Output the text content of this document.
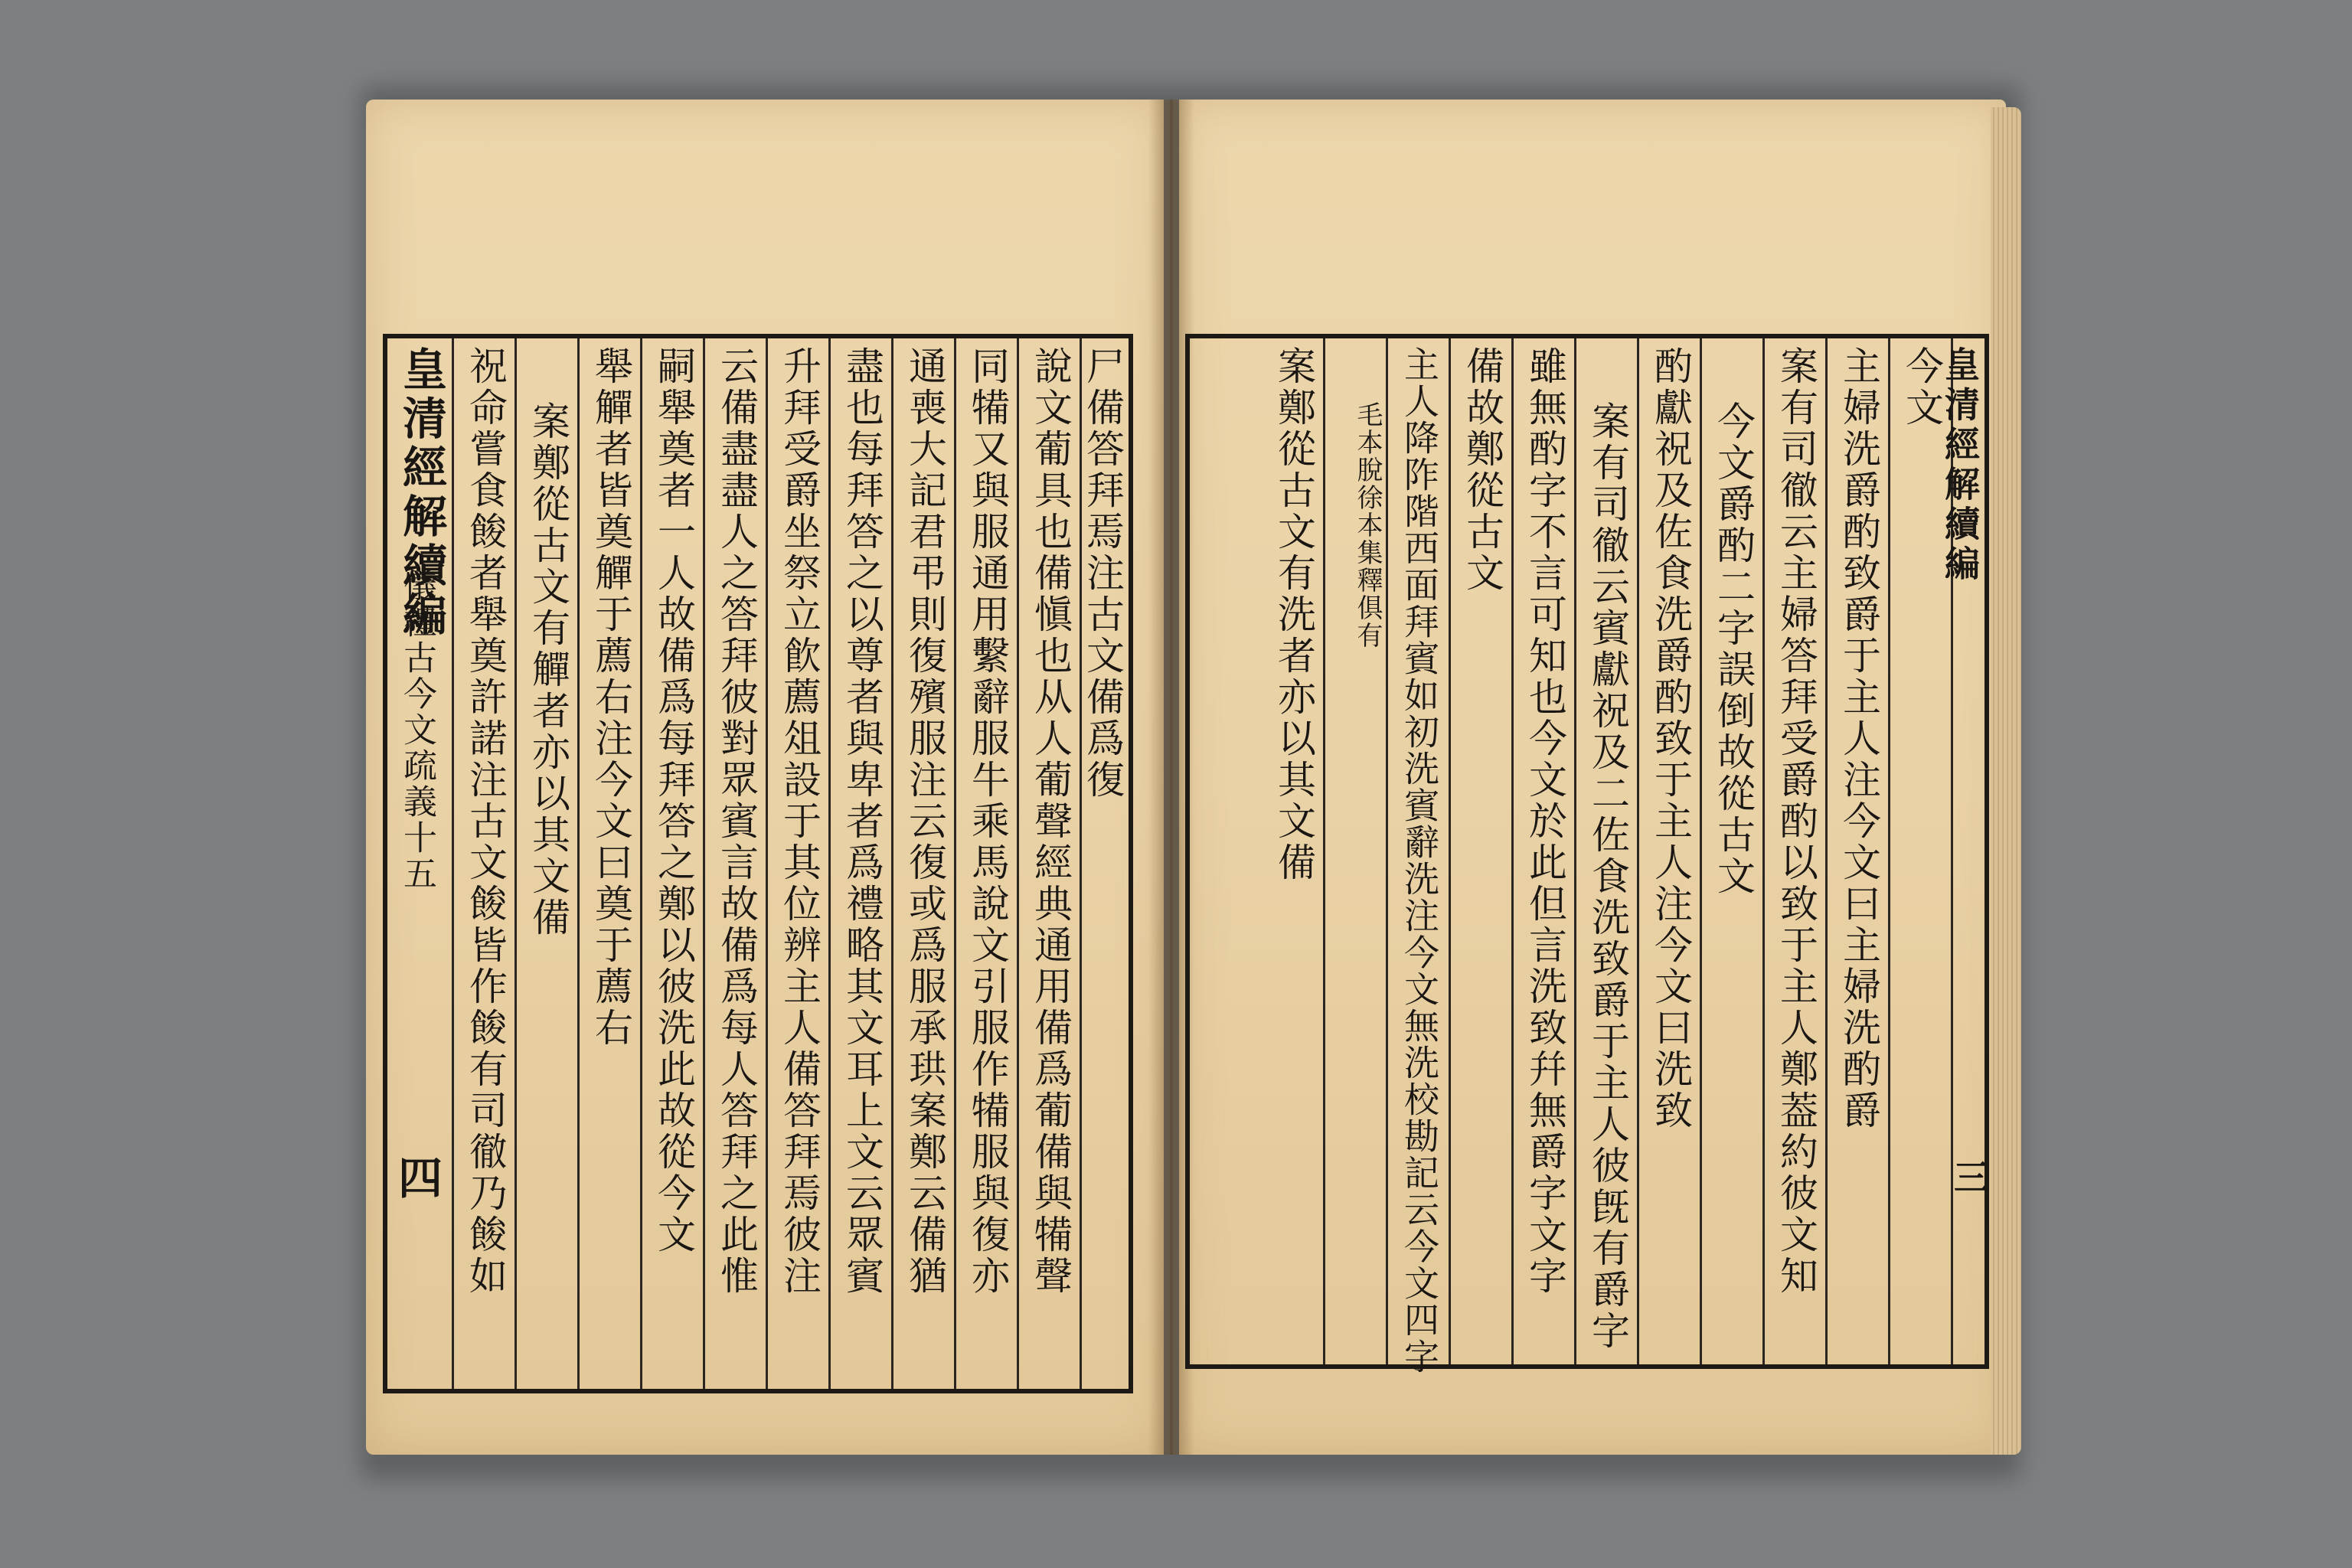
尸備答拜焉注古文備爲復
說文葡具也備愼也从人葡聲經典通用備爲葡備與犕聲
同犕又與服通用繫辭服牛乘馬說文引服作犕服與復亦
通喪大記君弔則復殯服注云復或爲服承珙案鄭云備猶
盡也每拜答之以尊者與卑者爲禮略其文耳上文云眾賓
升拜受爵坐祭立飮薦俎設于其位辨主人備答拜焉彼注
云備盡盡人之答拜彼對眾賓言故備爲每人答拜之此惟
嗣舉奠者一人故備爲每拜答之鄭以彼洗此故從今文
舉觶者皆奠觶于薦右注今文曰奠于薦右
案鄭從古文有觶者亦以其文備
祝命嘗食餕者舉奠許諾注古文餕皆作餕有司徹乃餕如
皇清經解續編
儀禮古今文疏義十五
四
皇清經解續編
三
今文
主婦洗爵酌致爵于主人注今文曰主婦洗酌爵
案有司徹云主婦答拜受爵酌以致于主人鄭葢約彼文知
今文爵酌二字誤倒故從古文
酌獻祝及佐食洗爵酌致于主人注今文曰洗致
案有司徹云賓獻祝及二佐食洗致爵于主人彼旣有爵字
雖無酌字不言可知也今文於此但言洗致幷無爵字文字
備故鄭從古文
主人降阼階西面拜賓如初洗賓辭洗注今文無洗校勘記云今文四字
毛本脫徐本集釋俱有
案鄭從古文有洗者亦以其文備
